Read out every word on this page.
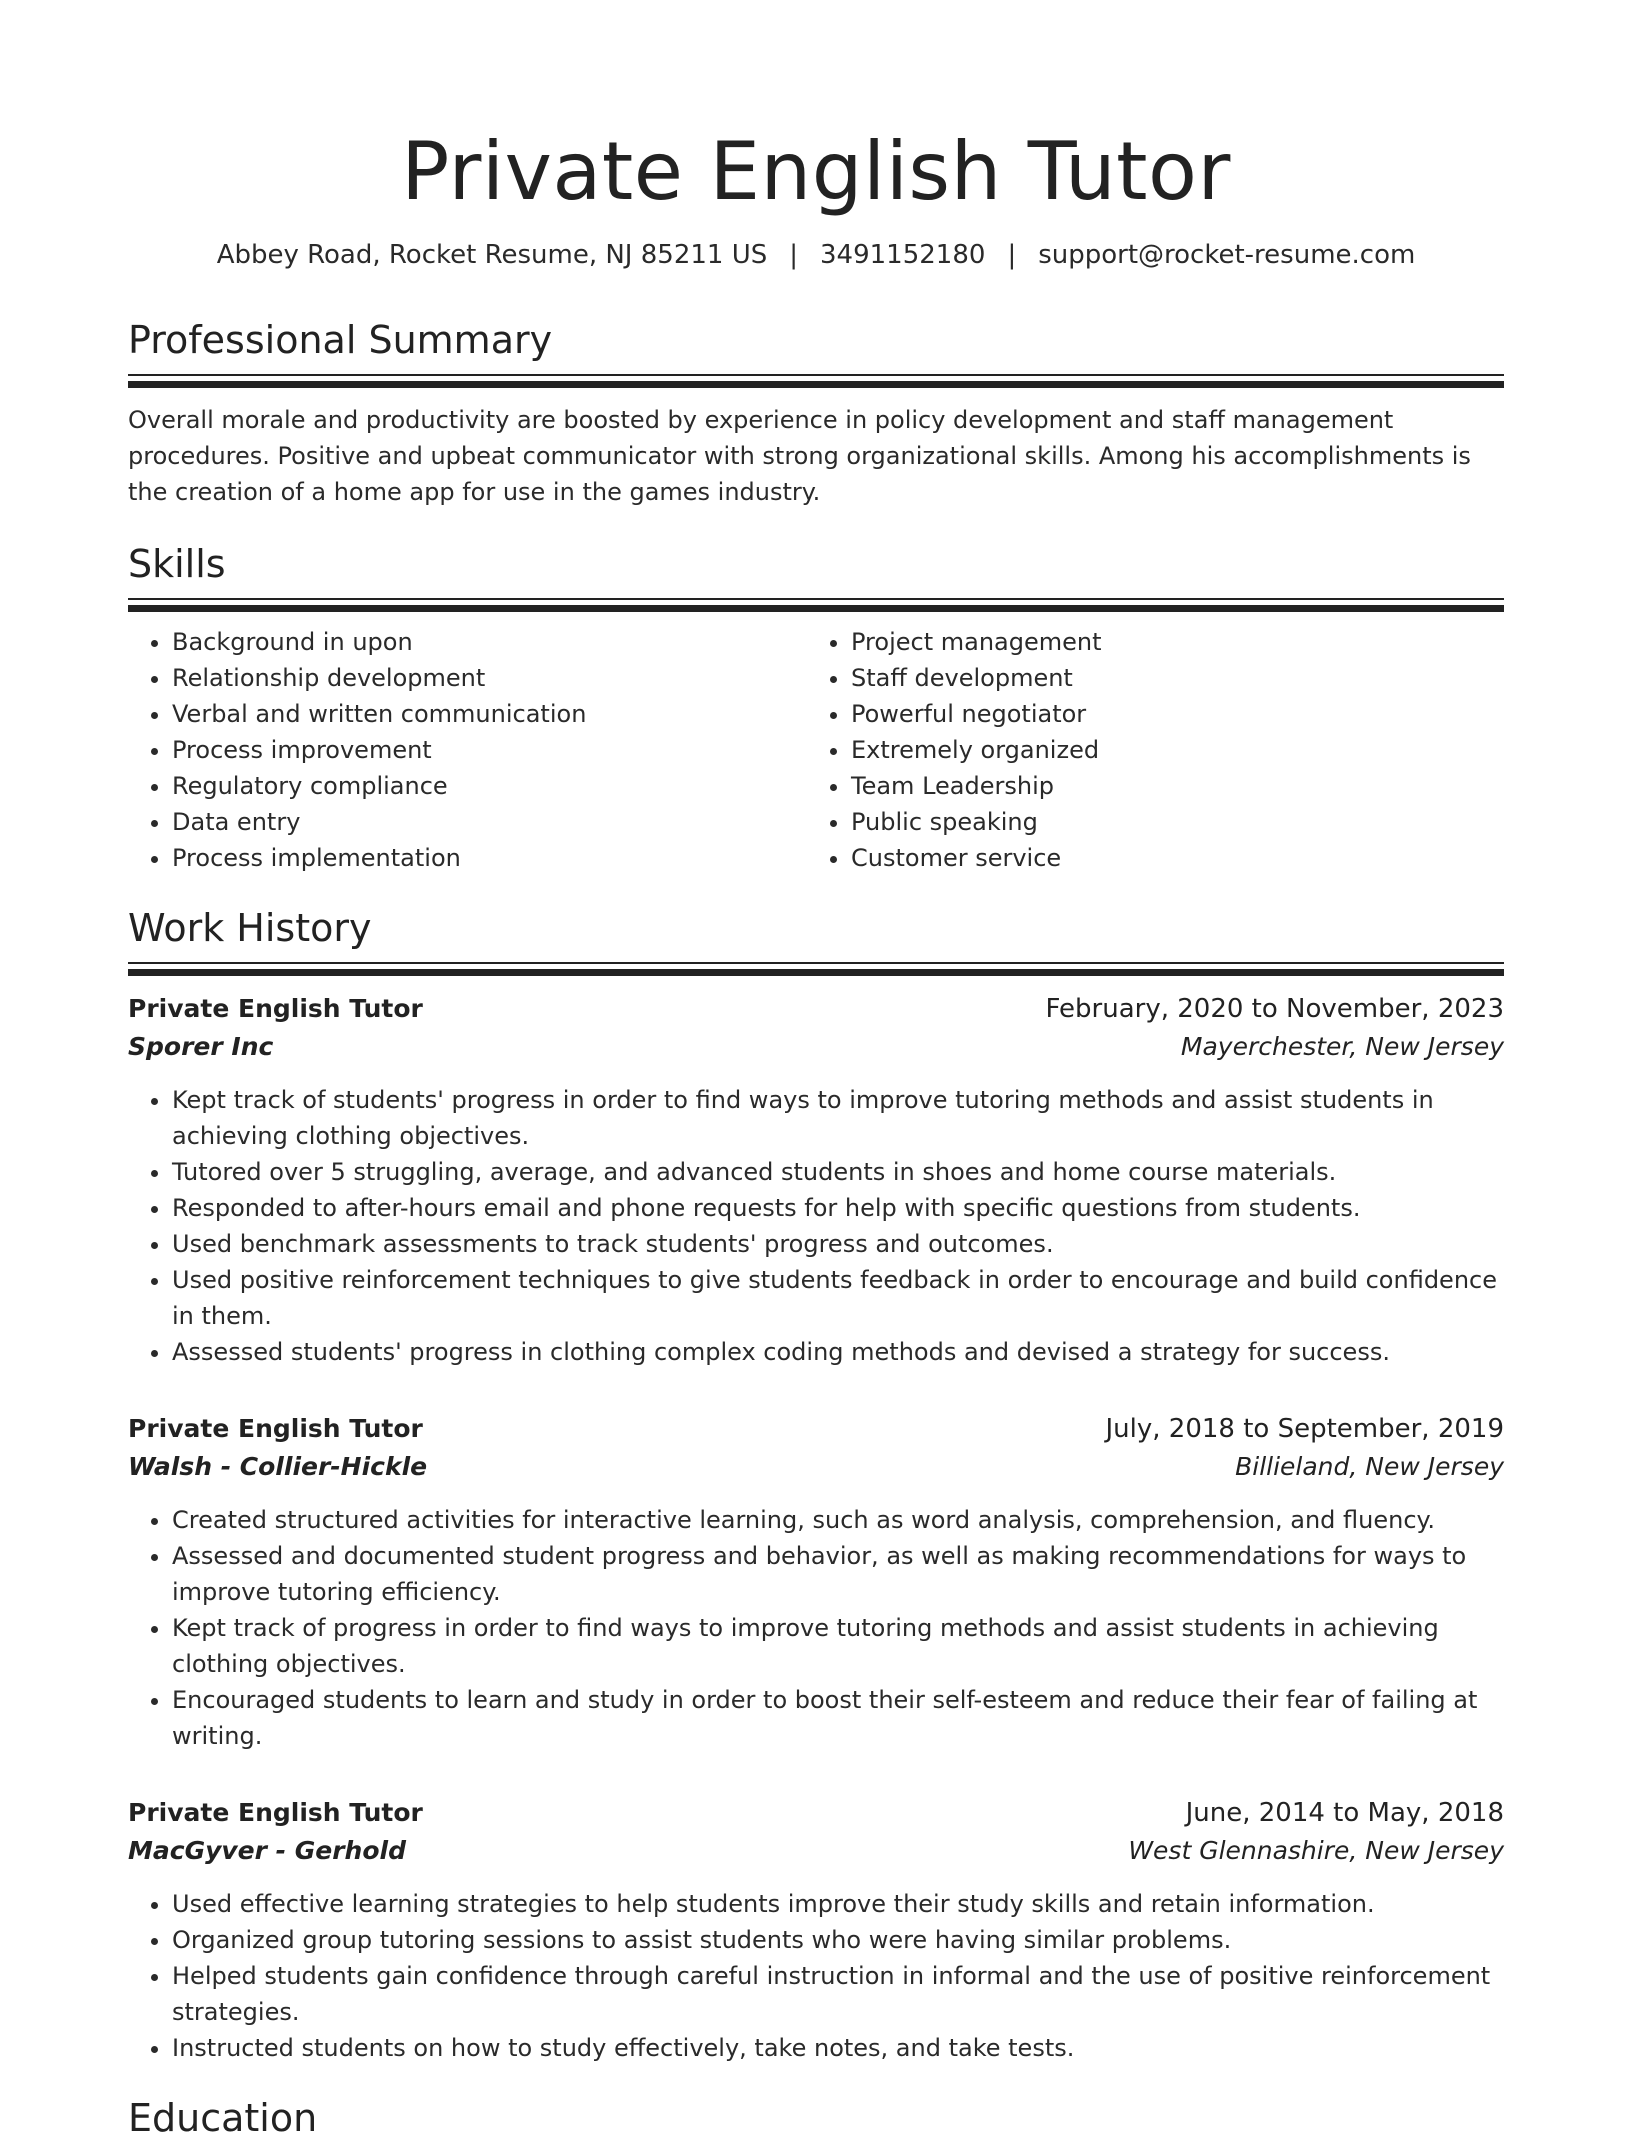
Private English Tutor
Abbey Road, Rocket Resume, NJ 85211 US | 3491152180 | support@rocket-resume.com
Professional Summary

Overall morale and productivity are boosted by experience in policy development and staff management procedures. Positive and upbeat communicator with strong organizational skills. Among his accomplishments is the creation of a home app for use in the games industry.

Skills
• Background in upon
• Relationship development
• Verbal and written communication
• Process improvement
• Regulatory compliance
• Data entry
• Process implementation
• Project management
• Staff development
• Powerful negotiator
• Extremely organized
• Team Leadership
• Public speaking
• Customer service
Work History
Private English Tutor	February, 2020 to November, 2023
Sporer Inc	Mayerchester, New Jersey
• Kept track of students' progress in order to find ways to improve tutoring methods and assist students in achieving clothing objectives.
• Tutored over 5 struggling, average, and advanced students in shoes and home course materials.
• Responded to after-hours email and phone requests for help with specific questions from students.
• Used benchmark assessments to track students' progress and outcomes.
• Used positive reinforcement techniques to give students feedback in order to encourage and build confidence in them.
• Assessed students' progress in clothing complex coding methods and devised a strategy for success.
Private English Tutor	July, 2018 to September, 2019
Walsh - Collier-Hickle	Billieland, New Jersey
• Created structured activities for interactive learning, such as word analysis, comprehension, and fluency.
• Assessed and documented student progress and behavior, as well as making recommendations for ways to improve tutoring efficiency.
• Kept track of progress in order to find ways to improve tutoring methods and assist students in achieving clothing objectives.
• Encouraged students to learn and study in order to boost their self-esteem and reduce their fear of failing at writing.
Private English Tutor	June, 2014 to May, 2018
MacGyver - Gerhold	West Glennashire, New Jersey
• Used effective learning strategies to help students improve their study skills and retain information.
• Organized group tutoring sessions to assist students who were having similar problems.
• Helped students gain confidence through careful instruction in informal and the use of positive reinforcement strategies.
• Instructed students on how to study effectively, take notes, and take tests.
Education
